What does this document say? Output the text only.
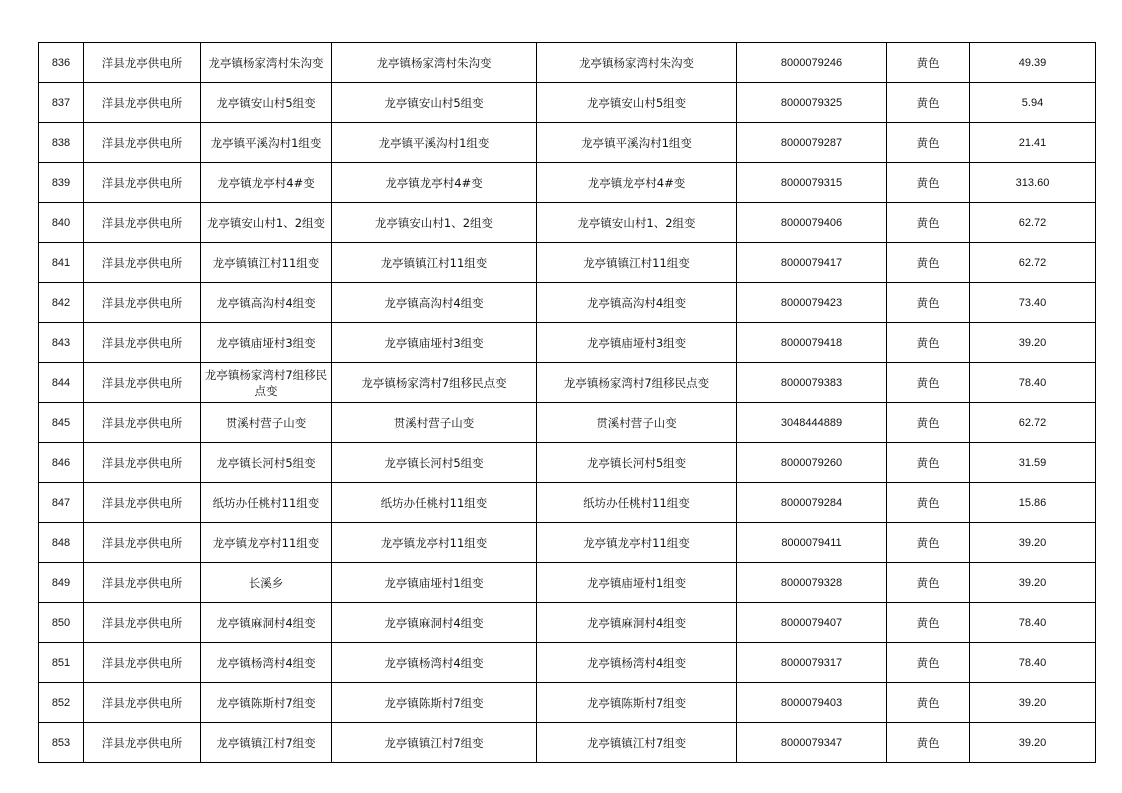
836	洋县龙亭供电所	龙亭镇杨家湾村朱沟变	龙亭镇杨家湾村朱沟变	龙亭镇杨家湾村朱沟变	8000079246	黄色	49.39
837	洋县龙亭供电所	龙亭镇安山村5组变	龙亭镇安山村5组变	龙亭镇安山村5组变	8000079325	黄色	5.94
838	洋县龙亭供电所	龙亭镇平溪沟村1组变	龙亭镇平溪沟村1组变	龙亭镇平溪沟村1组变	8000079287	黄色	21.41
839	洋县龙亭供电所	龙亭镇龙亭村4#变	龙亭镇龙亭村4#变	龙亭镇龙亭村4#变	8000079315	黄色	313.60
840	洋县龙亭供电所	龙亭镇安山村1、2组变	龙亭镇安山村1、2组变	龙亭镇安山村1、2组变	8000079406	黄色	62.72
841	洋县龙亭供电所	龙亭镇镇江村11组变	龙亭镇镇江村11组变	龙亭镇镇江村11组变	8000079417	黄色	62.72
842	洋县龙亭供电所	龙亭镇高沟村4组变	龙亭镇高沟村4组变	龙亭镇高沟村4组变	8000079423	黄色	73.40
843	洋县龙亭供电所	龙亭镇庙垭村3组变	龙亭镇庙垭村3组变	龙亭镇庙垭村3组变	8000079418	黄色	39.20
844	洋县龙亭供电所	龙亭镇杨家湾村7组移民点变	龙亭镇杨家湾村7组移民点变	龙亭镇杨家湾村7组移民点变	8000079383	黄色	78.40
845	洋县龙亭供电所	贯溪村营子山变	贯溪村营子山变	贯溪村营子山变	3048444889	黄色	62.72
846	洋县龙亭供电所	龙亭镇长河村5组变	龙亭镇长河村5组变	龙亭镇长河村5组变	8000079260	黄色	31.59
847	洋县龙亭供电所	纸坊办任桃村11组变	纸坊办任桃村11组变	纸坊办任桃村11组变	8000079284	黄色	15.86
848	洋县龙亭供电所	龙亭镇龙亭村11组变	龙亭镇龙亭村11组变	龙亭镇龙亭村11组变	8000079411	黄色	39.20
849	洋县龙亭供电所	长溪乡	龙亭镇庙垭村1组变	龙亭镇庙垭村1组变	8000079328	黄色	39.20
850	洋县龙亭供电所	龙亭镇麻洞村4组变	龙亭镇麻洞村4组变	龙亭镇麻洞村4组变	8000079407	黄色	78.40
851	洋县龙亭供电所	龙亭镇杨湾村4组变	龙亭镇杨湾村4组变	龙亭镇杨湾村4组变	8000079317	黄色	78.40
852	洋县龙亭供电所	龙亭镇陈斯村7组变	龙亭镇陈斯村7组变	龙亭镇陈斯村7组变	8000079403	黄色	39.20
853	洋县龙亭供电所	龙亭镇镇江村7组变	龙亭镇镇江村7组变	龙亭镇镇江村7组变	8000079347	黄色	39.20
